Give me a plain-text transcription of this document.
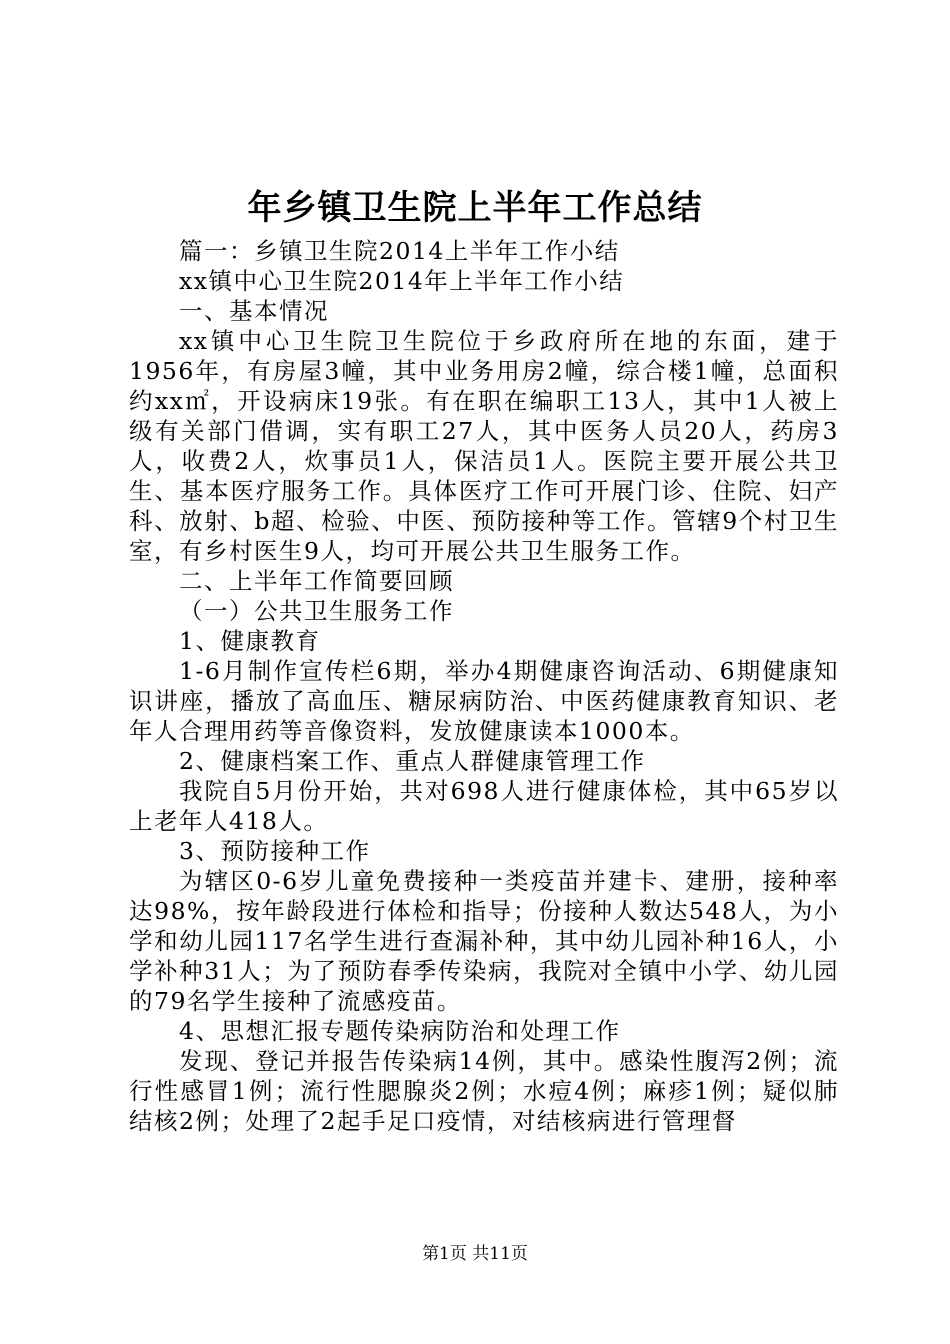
年乡镇卫生院上半年工作总结

篇一：乡镇卫生院2014上半年工作小结

xx镇中心卫生院2014年上半年工作小结

一、基本情况

xx镇中心卫生院卫生院位于乡政府所在地的东面，建于1956年，有房屋3幢，其中业务用房2幢，综合楼1幢，总面积约xx㎡，开设病床19张。有在职在编职工13人，其中1人被上级有关部门借调，实有职工27人，其中医务人员20人，药房3人，收费2人，炊事员1人，保洁员1人。医院主要开展公共卫生、基本医疗服务工作。具体医疗工作可开展门诊、住院、妇产科、放射、b超、检验、中医、预防接种等工作。管辖9个村卫生室，有乡村医生9人，均可开展公共卫生服务工作。

二、上半年工作简要回顾

（一）公共卫生服务工作

1、健康教育

1-6月制作宣传栏6期，举办4期健康咨询活动、6期健康知识讲座，播放了高血压、糖尿病防治、中医药健康教育知识、老年人合理用药等音像资料，发放健康读本1000本。

2、健康档案工作、重点人群健康管理工作

我院自5月份开始，共对698人进行健康体检，其中65岁以上老年人418人。

3、预防接种工作

为辖区0-6岁儿童免费接种一类疫苗并建卡、建册，接种率达98%，按年龄段进行体检和指导；份接种人数达548人，为小学和幼儿园117名学生进行查漏补种，其中幼儿园补种16人，小学补种31人；为了预防春季传染病，我院对全镇中小学、幼儿园的79名学生接种了流感疫苗。

4、思想汇报专题传染病防治和处理工作

发现、登记并报告传染病14例，其中。感染性腹泻2例；流行性感冒1例；流行性腮腺炎2例；水痘4例；麻疹1例；疑似肺结核2例；处理了2起手足口疫情，对结核病进行管理督

第1页 共11页
